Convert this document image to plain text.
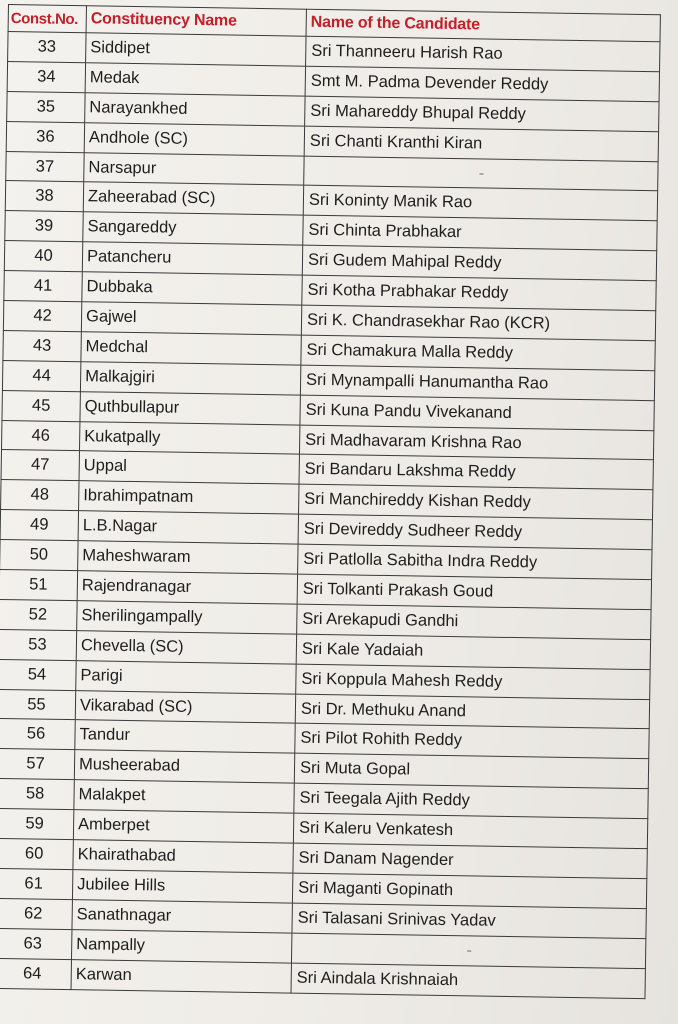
Const.No.	Constituency Name	Name of the Candidate
33	Siddipet	Sri Thanneeru Harish Rao
34	Medak	Smt M. Padma Devender Reddy
35	Narayankhed	Sri Mahareddy Bhupal Reddy
36	Andhole (SC)	Sri Chanti Kranthi Kiran
37	Narsapur	-
38	Zaheerabad (SC)	Sri Koninty Manik Rao
39	Sangareddy	Sri Chinta Prabhakar
40	Patancheru	Sri Gudem Mahipal Reddy
41	Dubbaka	Sri Kotha Prabhakar Reddy
42	Gajwel	Sri K. Chandrasekhar Rao (KCR)
43	Medchal	Sri Chamakura Malla Reddy
44	Malkajgiri	Sri Mynampalli Hanumantha Rao
45	Quthbullapur	Sri Kuna Pandu Vivekanand
46	Kukatpally	Sri Madhavaram Krishna Rao
47	Uppal	Sri Bandaru Lakshma Reddy
48	Ibrahimpatnam	Sri Manchireddy Kishan Reddy
49	L.B.Nagar	Sri Devireddy Sudheer Reddy
50	Maheshwaram	Sri Patlolla Sabitha Indra Reddy
51	Rajendranagar	Sri Tolkanti Prakash Goud
52	Sherilingampally	Sri Arekapudi Gandhi
53	Chevella (SC)	Sri Kale Yadaiah
54	Parigi	Sri Koppula Mahesh Reddy
55	Vikarabad (SC)	Sri Dr. Methuku Anand
56	Tandur	Sri Pilot Rohith Reddy
57	Musheerabad	Sri Muta Gopal
58	Malakpet	Sri Teegala Ajith Reddy
59	Amberpet	Sri Kaleru Venkatesh
60	Khairathabad	Sri Danam Nagender
61	Jubilee Hills	Sri Maganti Gopinath
62	Sanathnagar	Sri Talasani Srinivas Yadav
63	Nampally	-
64	Karwan	Sri Aindala Krishnaiah
